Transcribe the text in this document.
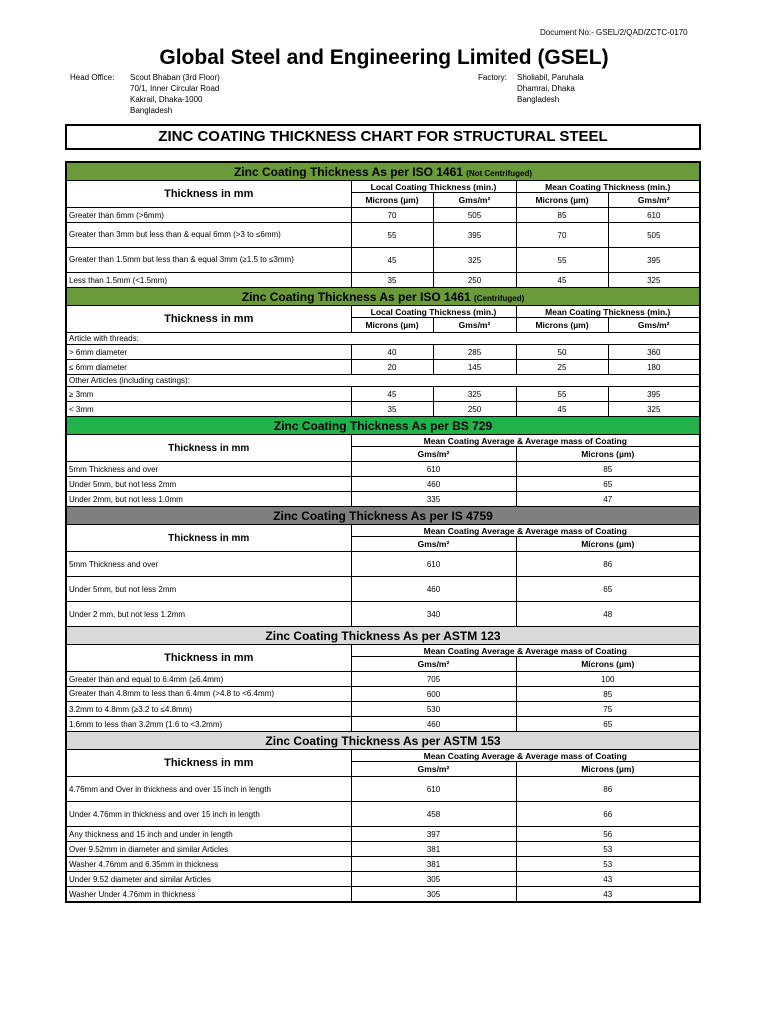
Document No:- GSEL/2/QAD/ZCTC-0170
Global Steel and Engineering Limited (GSEL)
Head Office: Scout Bhaban (3rd Floor)
70/1, Inner Circular Road
Kakrail, Dhaka-1000
Bangladesh
Factory: Sholiabil, Paruhala
Dhamrai, Dhaka
Bangladesh
ZINC COATING THICKNESS CHART FOR STRUCTURAL STEEL
Zinc Coating Thickness As per ISO 1461 (Not Centrifuged)				
Thickness in mm	Local Coating Thickness (min.)		Mean Coating Thickness (min.)	
	Microns (µm)	Gms/m²	Microns (µm)	Gms/m²
Greater than 6mm (>6mm)	70	505	85	610
Greater than 3mm but less than & equal 6mm (>3 to ≤6mm)	55	395	70	505
Greater than 1.5mm but less than & equal 3mm (≥1.5 to ≤3mm)	45	325	55	395
Less than 1.5mm (<1.5mm)	35	250	45	325
Zinc Coating Thickness As per ISO 1461 (Centrifuged)				
Thickness in mm	Local Coating Thickness (min.)		Mean Coating Thickness (min.)	
	Microns (µm)	Gms/m²	Microns (µm)	Gms/m²
Article with threads:				
> 6mm diameter	40	285	50	360
≤ 6mm diameter	20	145	25	180
Other Articles (including castings):				
≥ 3mm	45	325	55	395
< 3mm	35	250	45	325
Zinc Coating Thickness As per BS 729				
Thickness in mm	Mean Coating Average & Average mass of Coating			
	Gms/m²		Microns (µm)	
5mm Thickness and over	610		85	
Under 5mm, but not less 2mm	460		65	
Under 2mm, but not less 1.0mm	335		47	
Zinc Coating Thickness As per IS 4759				
Thickness in mm	Mean Coating Average & Average mass of Coating			
	Gms/m²		Microns (µm)	
5mm Thickness and over	610		86	
Under 5mm, but not less 2mm	460		65	
Under 2 mm, but not less 1.2mm	340		48	
Zinc Coating Thickness As per ASTM 123				
Thickness in mm	Mean Coating Average & Average mass of Coating			
	Gms/m²		Microns (µm)	
Greater than and equal to 6.4mm (≥6.4mm)	705		100	
Greater than 4.8mm to less than 6.4mm (>4.8 to <6.4mm)	600		85	
3.2mm to 4.8mm (≥3.2 to ≤4.8mm)	530		75	
1.6mm to less than 3.2mm (1.6 to <3.2mm)	460		65	
Zinc Coating Thickness As per ASTM 153				
Thickness in mm	Mean Coating Average & Average mass of Coating			
	Gms/m²		Microns (µm)	
4.76mm and Over in thickness and over 15 inch in length	610		86	
Under 4.76mm in thickness and over 15 inch in length	458		66	
Any thickness and 15 inch and under in length	397		56	
Over 9.52mm in diameter and similar Articles	381		53	
Washer 4.76mm and 6.35mm in thickness	381		53	
Under 9.52 diameter and similar Articles	305		43	
Washer Under 4.76mm in thickness	305		43	
